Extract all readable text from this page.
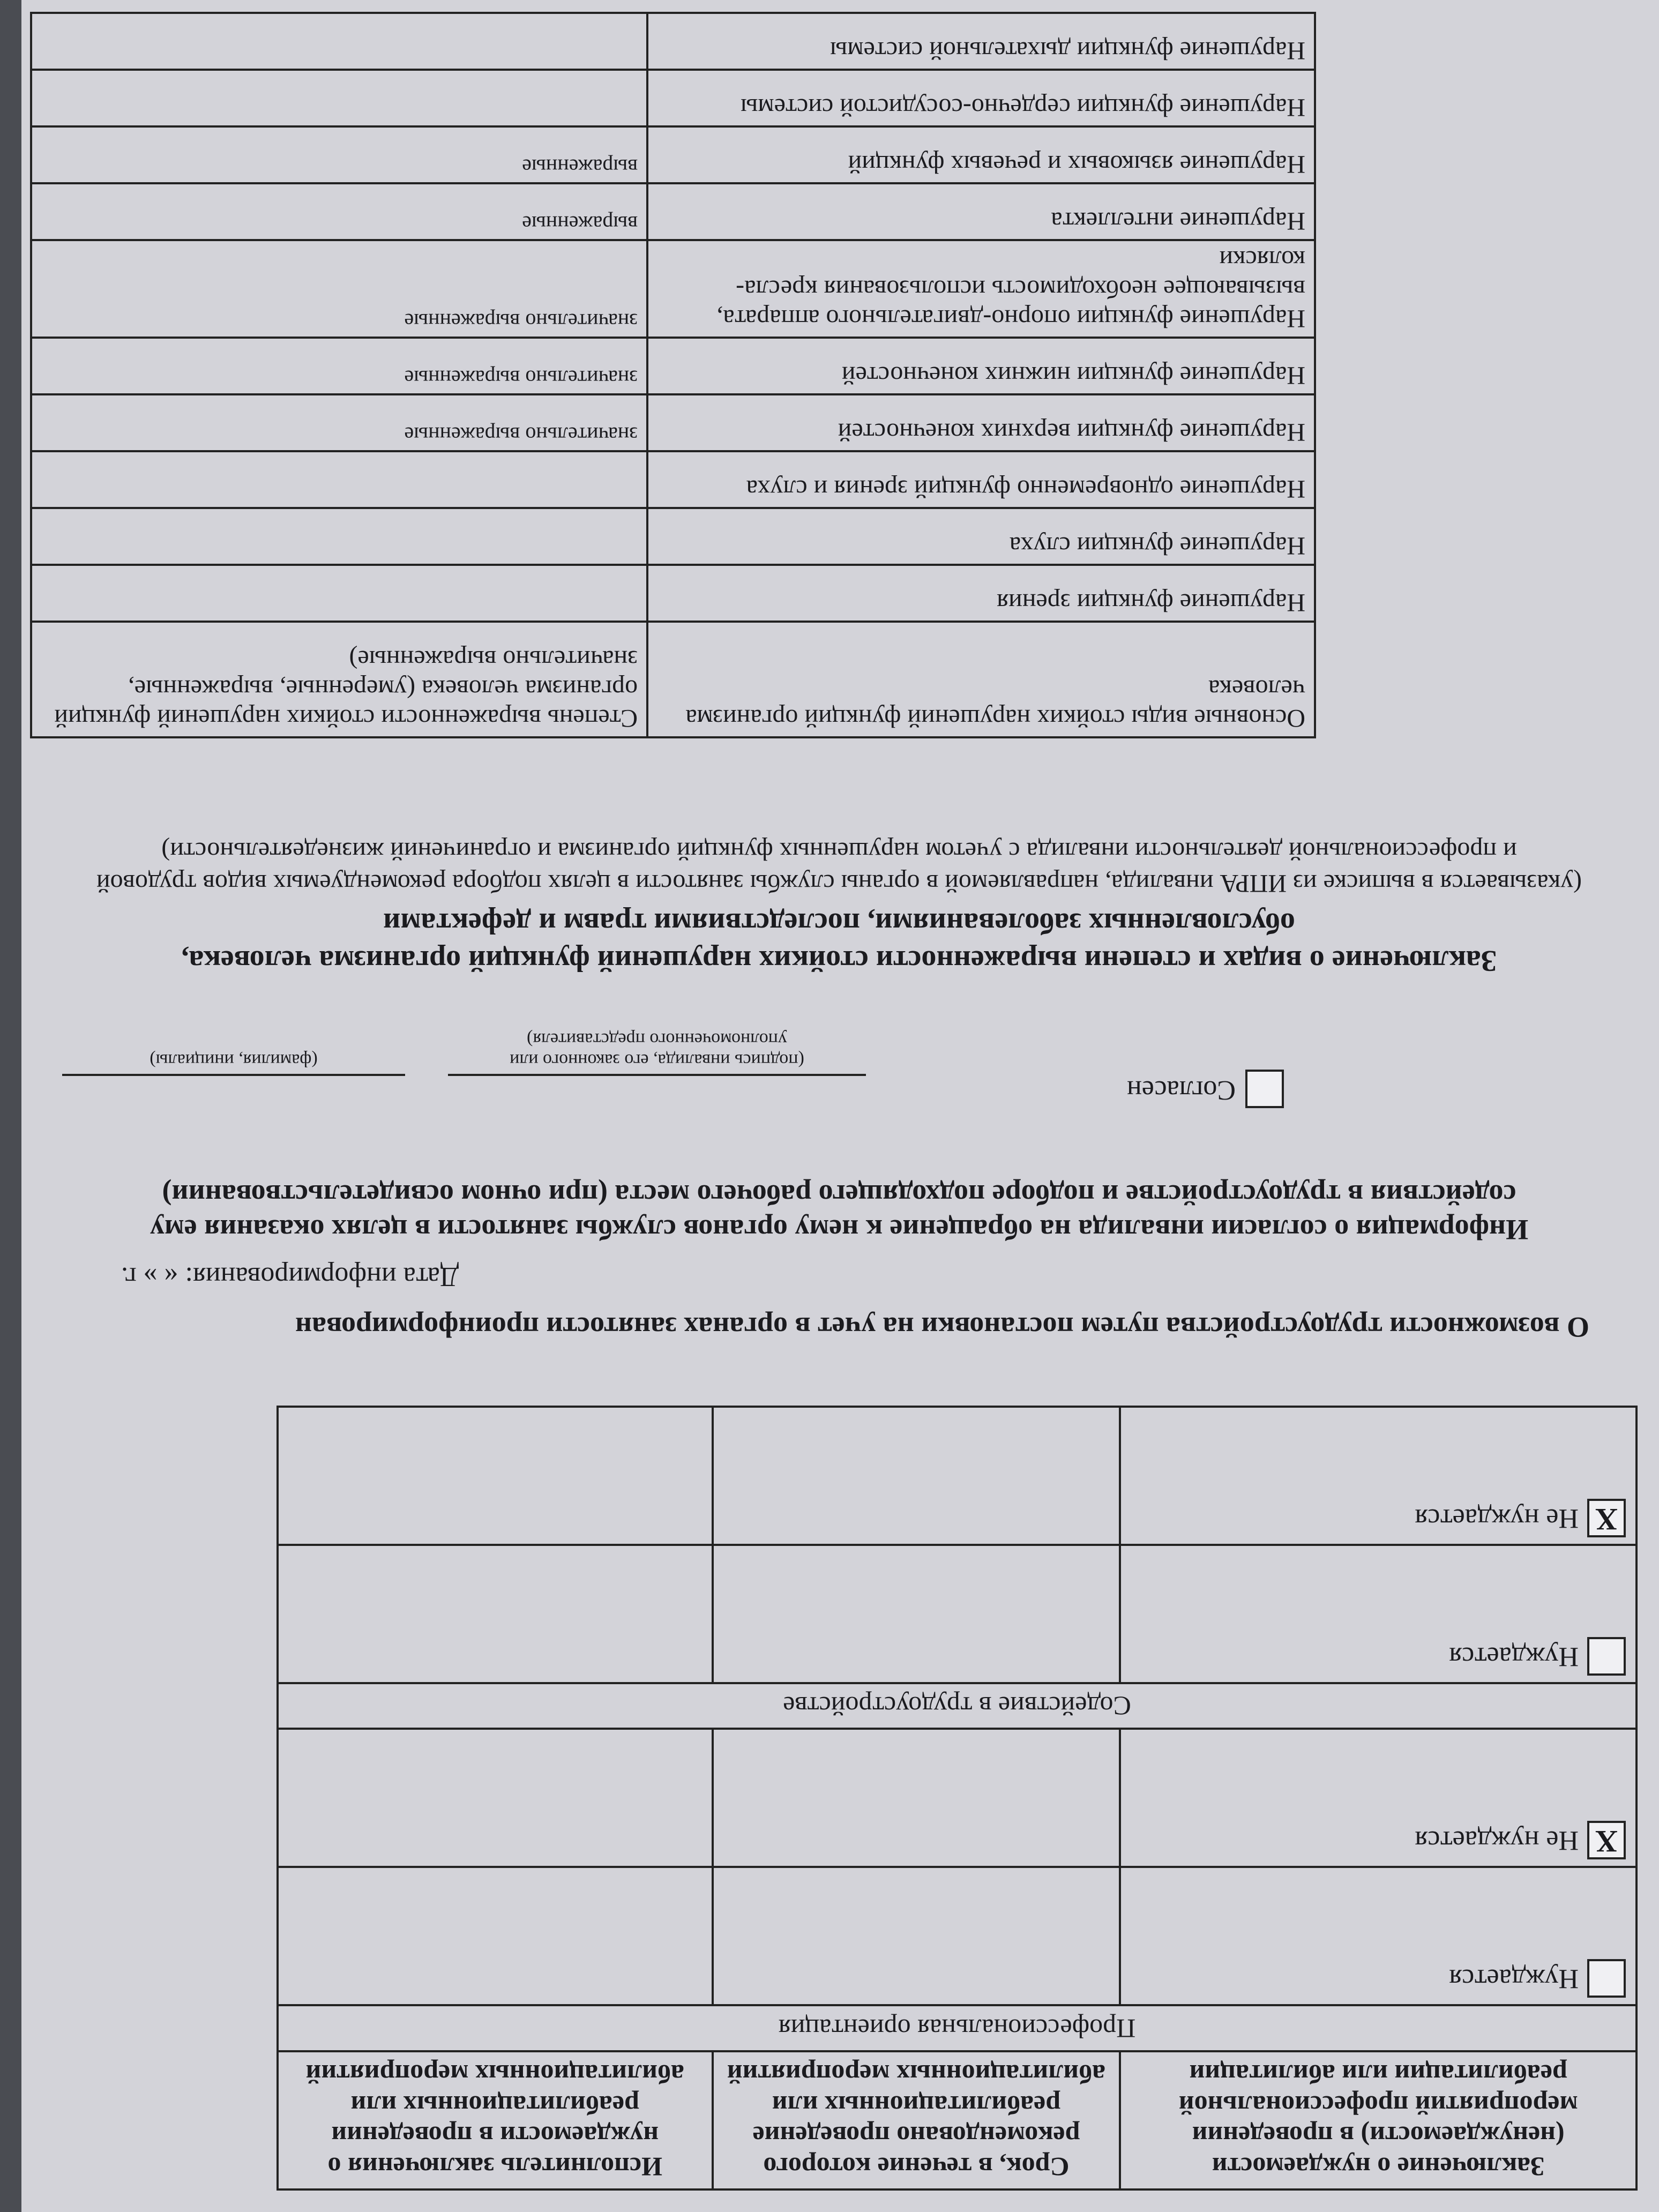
Заключение о нуждаемости (ненуждаемости) в проведении мероприятий профессиональной реабилитации или абилитации	Срок, в течение которого рекомендовано проведение реабилитационных или абилитационных мероприятий	Исполнитель заключения о нуждаемости в проведении реабилитационных или абилитационных мероприятий
Профессиональная ориентация		
Нуждается		
XНе нуждается		
Содействие в трудоустройстве		
Нуждается		
XНе нуждается		
О возможности трудоустройства путем постановки на учет в органах занятости проинформирован
Дата информирования: « » г.
Информация о согласии инвалида на обращение к нему органов службы занятости в целях оказания ему содействия в трудоустройстве и подборе подходящего рабочего места (при очном освидетельствовании)
Согласен
(подпись инвалида, его законного или уполномоченного представителя)
(фамилия, инициалы)
Заключение о видах и степени выраженности стойких нарушений функций организма человека, обусловленных заболеваниями, последствиями травм и дефектами
(указывается в выписке из ИПРА инвалида, направляемой в органы службы занятости в целях подбора рекомендуемых видов трудовой и профессиональной деятельности инвалида с учетом нарушенных функций организма и ограничений жизнедеятельности)
Основные виды стойких нарушений функций организма человека	Степень выраженности стойких нарушений функций организма человека (умеренные, выраженные, значительно выраженные)
Нарушение функции зрения	
Нарушение функции слуха	
Нарушение одновременно функций зрения и слуха	
Нарушение функции верхних конечностей	значительно выраженные
Нарушение функции нижних конечностей	значительно выраженные
Нарушение функции опорно-двигательного аппарата, вызывающее необходимость использования кресла-коляски	значительно выраженные
Нарушение интеллекта	выраженные
Нарушение языковых и речевых функций	выраженные
Нарушение функции сердечно-сосудистой системы	
Нарушение функции дыхательной системы	
